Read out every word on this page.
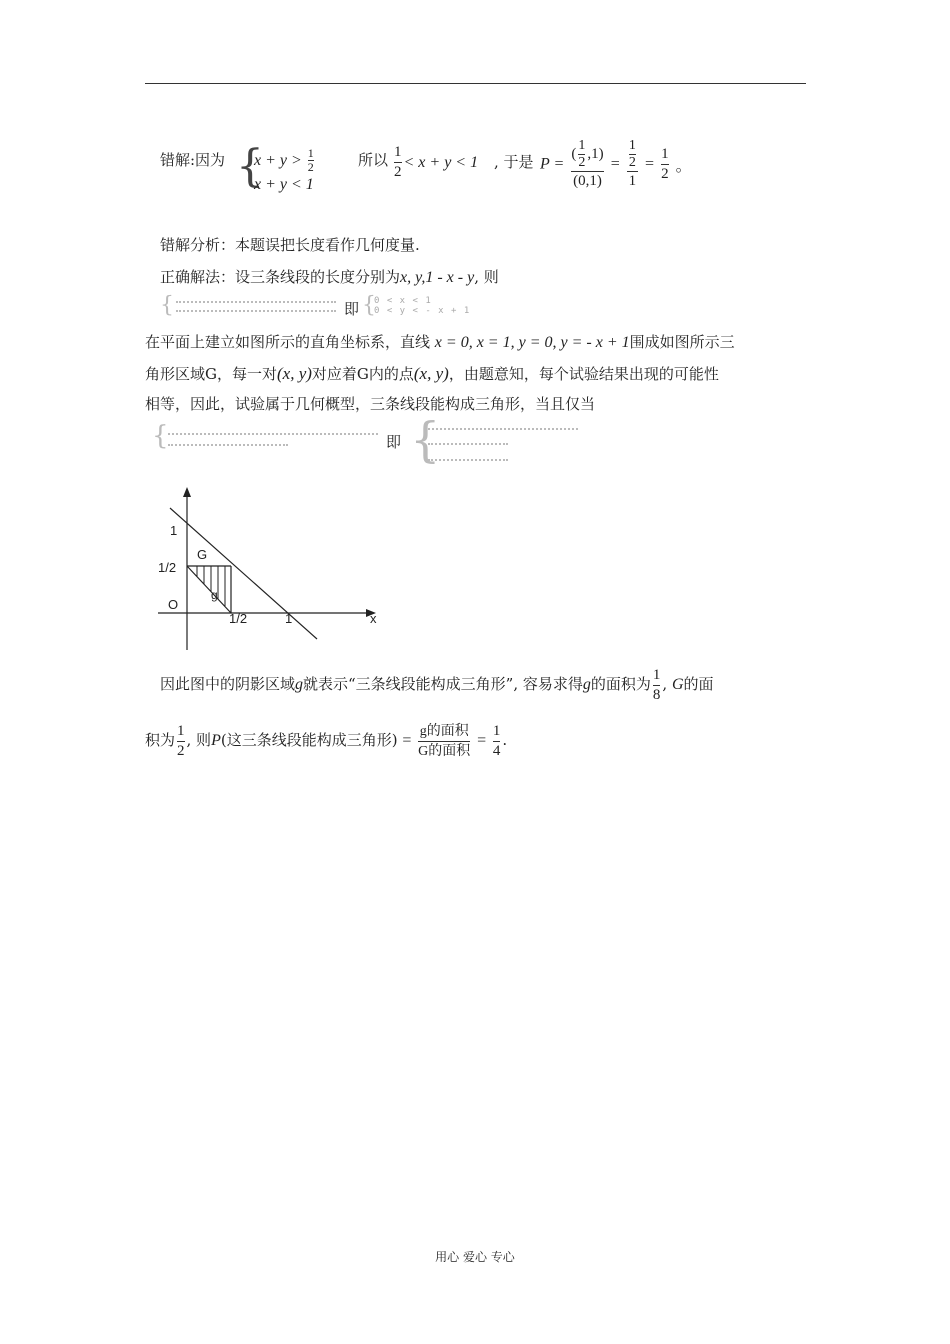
错解:因为 {
$x + y > \frac{1}{2}$
x + y < 1
所以 $\frac{1}{2} < x + y < 1$ , 于是 $P = \frac{( \frac{1}{2} ,1)}{(0,1)} = \frac{\frac{1}{2}}{1} = \frac{1}{2}$ 。
错解分析：本题误把长度看作几何度量.
正确解法：设三条线段的长度分别为x, y,1 - x - y, 则
{	即 {
0 < x < 1
0 < y < - x + 1
在平面上建立如图所示的直角坐标系，直线 x = 0, x = 1, y = 0, y = - x + 1围成如图所示三
角形区域G，每一对(x, y)对应着G内的点(x, y)，由题意知，每个试验结果出现的可能性
相等，因此，试验属于几何概型，三条线段能构成三角形，当且仅当
{	即 {
1
1/2
O
1/2	1	x
G
g
因此图中的阴影区域g就表示“三条线段能构成三角形”, 容易求得g的面积为 $\frac{1}{8}$ , G的面
积为 $\frac{1}{2}$ , 则P(这三条线段能构成三角形) = $\frac{\text{g的面积}}{\text{G的面积}} = \frac{1}{4}$ .
用心 爱心 专心
